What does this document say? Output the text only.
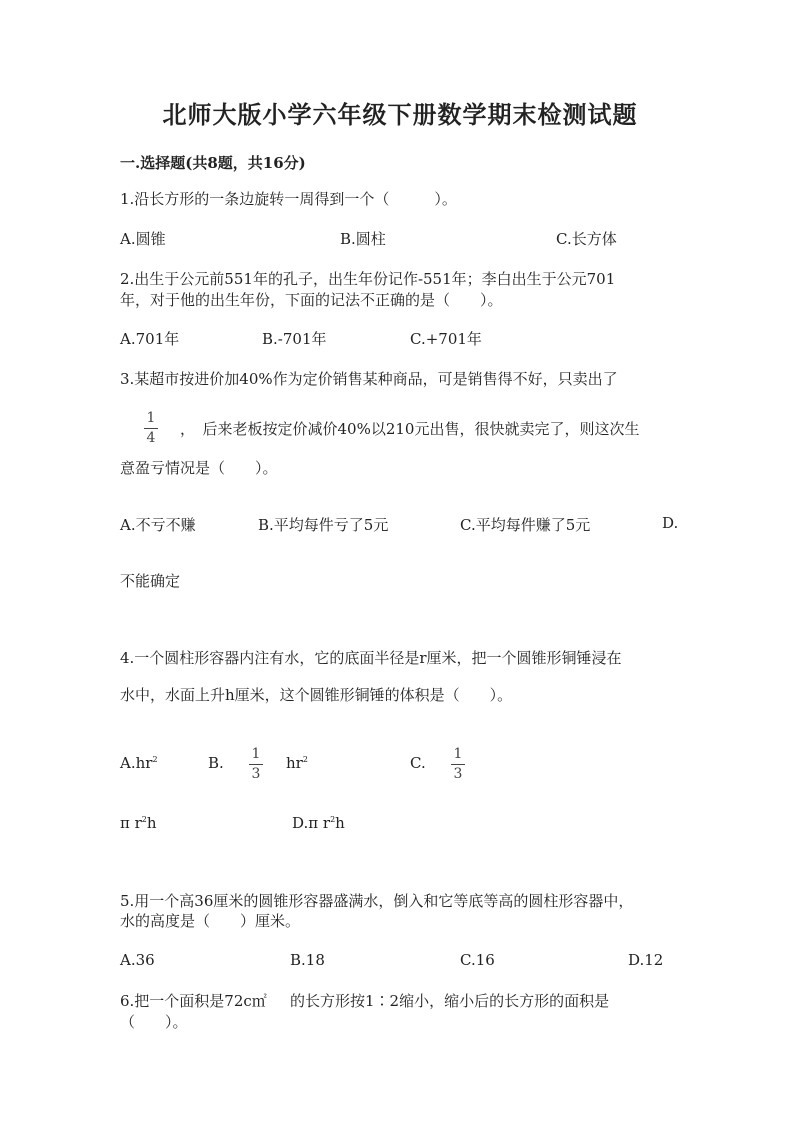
北师大版小学六年级下册数学期末检测试题
一.选择题(共8题，共16分)
1.沿长方形的一条边旋转一周得到一个（　　　）。
A.圆锥	B.圆柱	C.长方体
2.出生于公元前551年的孔子，出生年份记作-551年；李白出生于公元701
年，对于他的出生年份，下面的记法不正确的是（　　）。
A.701年	B.-701年	C.+701年
3.某超市按进价加40%作为定价销售某种商品，可是销售得不好，只卖出了
1
4 ，　后来老板按定价减价40%以210元出售，很快就卖完了，则这次生
意盈亏情况是（　　）。
A.不亏不赚	B.平均每件亏了5元	C.平均每件赚了5元	D.
不能确定
4.一个圆柱形容器内注有水，它的底面半径是r厘米，把一个圆锥形铜锤浸在
水中，水面上升h厘米，这个圆锥形铜锤的体积是（　　）。
$A.hr^2$	B. 1
3
$hr^2$	C. 1
3
π $r^2h$	D.π $r^2h$
5.用一个高36厘米的圆锥形容器盛满水，倒入和它等底等高的圆柱形容器中，
水的高度是（　　）厘米。
A.36	B.18	C.16	D.12
6.把一个面积是72c㎡ 的长方形按1∶2缩小，缩小后的长方形的面积是
（　　）。
